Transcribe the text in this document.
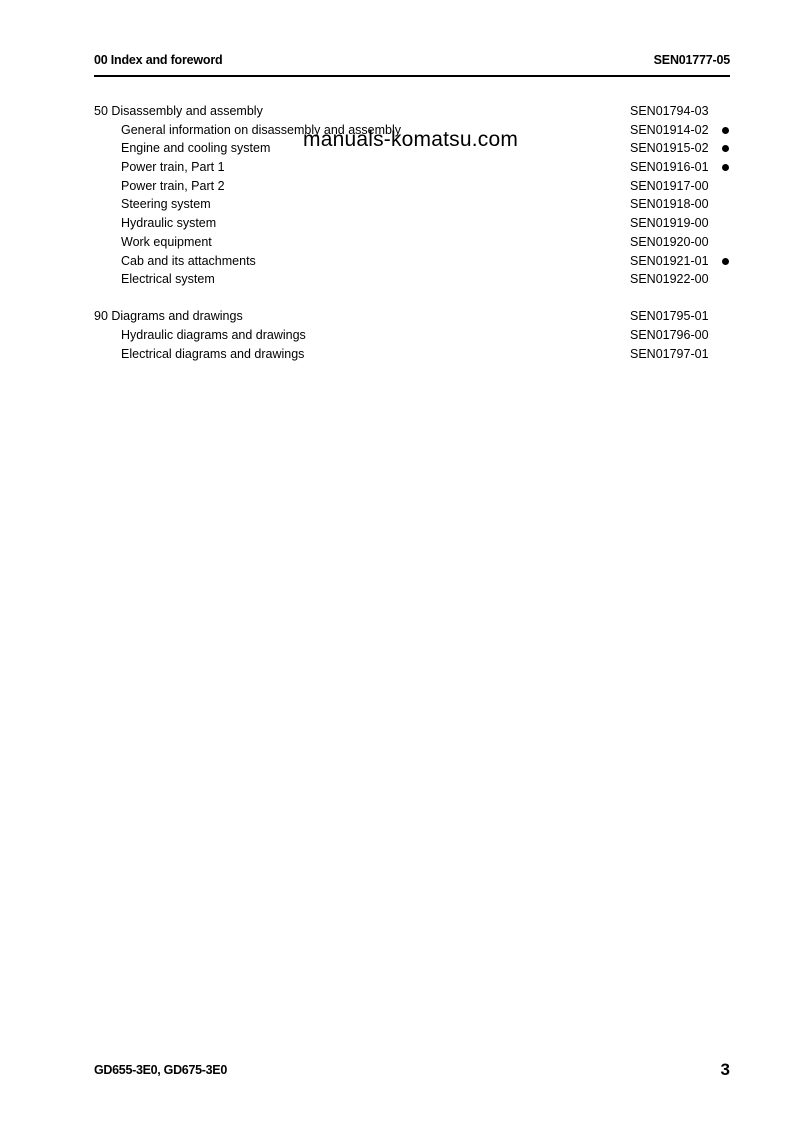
00 Index and foreword	SEN01777-05
50 Disassembly and assembly	SEN01794-03
General information on disassembly and assembly	SEN01914-02
Engine and cooling system	SEN01915-02
Power train, Part 1	SEN01916-01
Power train, Part 2	SEN01917-00
Steering system	SEN01918-00
Hydraulic system	SEN01919-00
Work equipment	SEN01920-00
Cab and its attachments	SEN01921-01
Electrical system	SEN01922-00
90 Diagrams and drawings	SEN01795-01
Hydraulic diagrams and drawings	SEN01796-00
Electrical diagrams and drawings	SEN01797-01
manuals-komatsu.com
GD655-3E0, GD675-3E0	3
